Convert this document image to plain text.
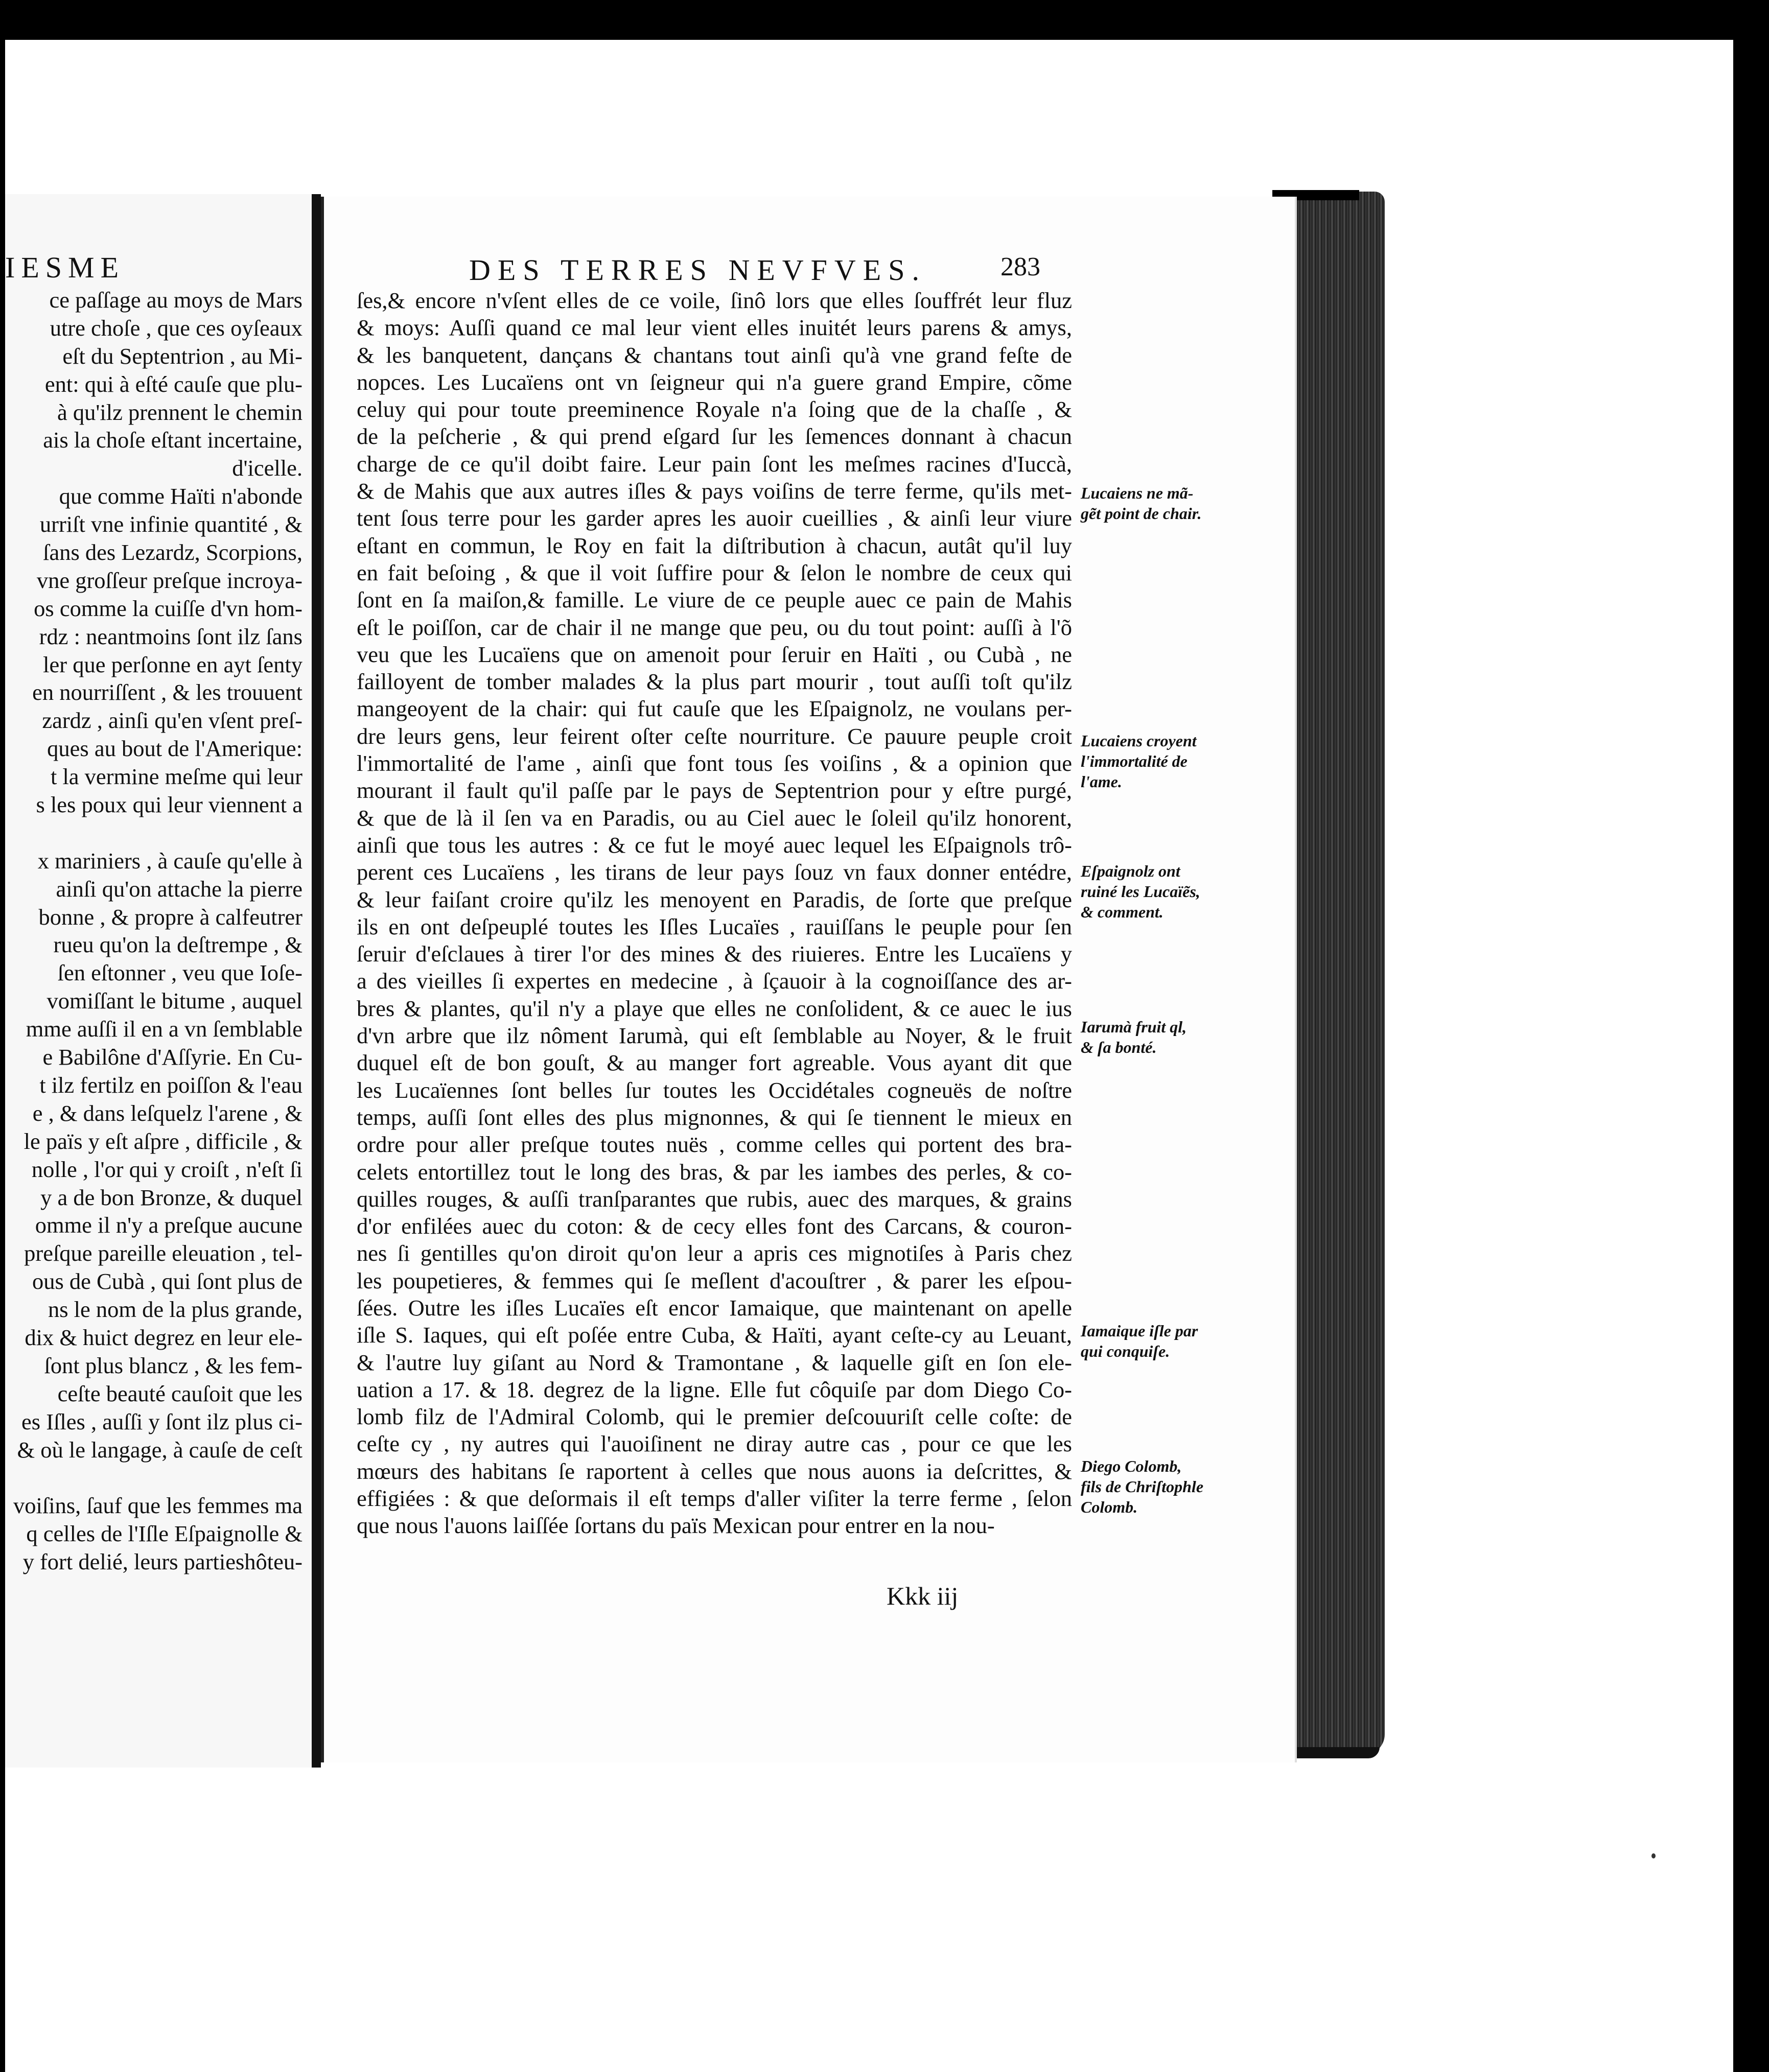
IESME
ce paſſage au moys de Mars
utre choſe , que ces oyſeaux
eſt du Septentrion , au Mi-
ent: qui à eſté cauſe que plu-
à qu'ilz prennent le chemin
ais la choſe eſtant incertaine,
d'icelle.
que comme Haïti n'abonde
urriſt vne infinie quantité , &
ſans des Lezardz, Scorpions,
vne groſſeur preſque incroya-
os comme la cuiſſe d'vn hom-
rdz : neantmoins ſont ilz ſans
ler que perſonne en ayt ſenty
en nourriſſent , & les trouuent
zardz , ainſi qu'en vſent preſ-
ques au bout de l'Amerique:
t la vermine meſme qui leur
s les poux qui leur viennent a
x mariniers , à cauſe qu'elle à
ainſi qu'on attache la pierre
bonne , & propre à calfeutrer
rueu qu'on la deſtrempe , &
ſen eſtonner , veu que Ioſe-
vomiſſant le bitume , auquel
mme auſſi il en a vn ſemblable
e Babilône d'Aſſyrie. En Cu-
t ilz fertilz en poiſſon & l'eau
e , & dans leſquelz l'arene , &
le païs y eſt aſpre , difficile , &
nolle , l'or qui y croiſt , n'eſt ſi
y a de bon Bronze, & duquel
omme il n'y a preſque aucune
preſque pareille eleuation , tel-
ous de Cubà , qui ſont plus de
ns le nom de la plus grande,
dix & huict degrez en leur ele-
ſont plus blancz , & les fem-
ceſte beauté cauſoit que les
es Iſles , auſſi y ſont ilz plus ci-
& où le langage, à cauſe de ceſt
voiſins, ſauf que les femmes ma
q celles de l'Iſle Eſpaignolle &
y fort delié, leurs partieshôteu-
DES TERRES NEVFVES.	283
ſes,& encore n'vſent elles de ce voile, ſinô lors que elles ſouffrét leur fluz
& moys: Auſſi quand ce mal leur vient elles inuitét leurs parens & amys,
& les banquetent, dançans & chantans tout ainſi qu'à vne grand feſte de
nopces. Les Lucaïens ont vn ſeigneur qui n'a guere grand Empire, cõme
celuy qui pour toute preeminence Royale n'a ſoing que de la chaſſe , &
de la peſcherie , & qui prend eſgard ſur les ſemences donnant à chacun
charge de ce qu'il doibt faire. Leur pain ſont les meſmes racines d'Iuccà,
& de Mahis que aux autres iſles & pays voiſins de terre ferme, qu'ils met-
tent ſous terre pour les garder apres les auoir cueillies , & ainſi leur viure
eſtant en commun, le Roy en fait la diſtribution à chacun, autât qu'il luy
en fait beſoing , & que il voit ſuffire pour & ſelon le nombre de ceux qui
ſont en ſa maiſon,& famille. Le viure de ce peuple auec ce pain de Mahis
eſt le poiſſon, car de chair il ne mange que peu, ou du tout point: auſſi à l'õ
veu que les Lucaïens que on amenoit pour ſeruir en Haïti , ou Cubà , ne
failloyent de tomber malades & la plus part mourir , tout auſſi toſt qu'ilz
mangeoyent de la chair: qui fut cauſe que les Eſpaignolz, ne voulans per-
dre leurs gens, leur feirent oſter ceſte nourriture. Ce pauure peuple croit
l'immortalité de l'ame , ainſi que font tous ſes voiſins , & a opinion que
mourant il fault qu'il paſſe par le pays de Septentrion pour y eſtre purgé,
& que de là il ſen va en Paradis, ou au Ciel auec le ſoleil qu'ilz honorent,
ainſi que tous les autres : & ce fut le moyé auec lequel les Eſpaignols trô-
perent ces Lucaïens , les tirans de leur pays ſouz vn faux donner entédre,
& leur faiſant croire qu'ilz les menoyent en Paradis, de ſorte que preſque
ils en ont deſpeuplé toutes les Iſles Lucaïes , rauiſſans le peuple pour ſen
ſeruir d'eſclaues à tirer l'or des mines & des riuieres. Entre les Lucaïens y
a des vieilles ſi expertes en medecine , à ſçauoir à la cognoiſſance des ar-
bres & plantes, qu'il n'y a playe que elles ne conſolident, & ce auec le ius
d'vn arbre que ilz nôment Iarumà, qui eſt ſemblable au Noyer, & le fruit
duquel eſt de bon gouſt, & au manger fort agreable. Vous ayant dit que
les Lucaïennes ſont belles ſur toutes les Occidétales cogneuës de noſtre
temps, auſſi ſont elles des plus mignonnes, & qui ſe tiennent le mieux en
ordre pour aller preſque toutes nuës , comme celles qui portent des bra-
celets entortillez tout le long des bras, & par les iambes des perles, & co-
quilles rouges, & auſſi tranſparantes que rubis, auec des marques, & grains
d'or enfilées auec du coton: & de cecy elles font des Carcans, & couron-
nes ſi gentilles qu'on diroit qu'on leur a apris ces mignotiſes à Paris chez
les poupetieres, & femmes qui ſe meſlent d'acouſtrer , & parer les eſpou-
ſées. Outre les iſles Lucaïes eſt encor Iamaique, que maintenant on apelle
iſle S. Iaques, qui eſt poſée entre Cuba, & Haïti, ayant ceſte-cy au Leuant,
& l'autre luy giſant au Nord & Tramontane , & laquelle giſt en ſon ele-
uation a 17. & 18. degrez de la ligne. Elle fut côquiſe par dom Diego Co-
lomb filz de l'Admiral Colomb, qui le premier deſcouuriſt celle coſte: de
ceſte cy , ny autres qui l'auoiſinent ne diray autre cas , pour ce que les
mœurs des habitans ſe raportent à celles que nous auons ia deſcrittes, &
effigiées : & que deſormais il eſt temps d'aller viſiter la terre ferme , ſelon
que nous l'auons laiſſée ſortans du païs Mexican pour entrer en la nou-
Kkk iij
Lucaiens ne mã-
gẽt point de chair.
Lucaiens croyent
l'immortalité de
l'ame.
Eſpaignolz ont
ruiné les Lucaïẽs,
& comment.
Iarumà fruit ql,
& ſa bonté.
Iamaique iſle par
qui conquiſe.
Diego Colomb,
fils de Chriſtophle
Colomb.
